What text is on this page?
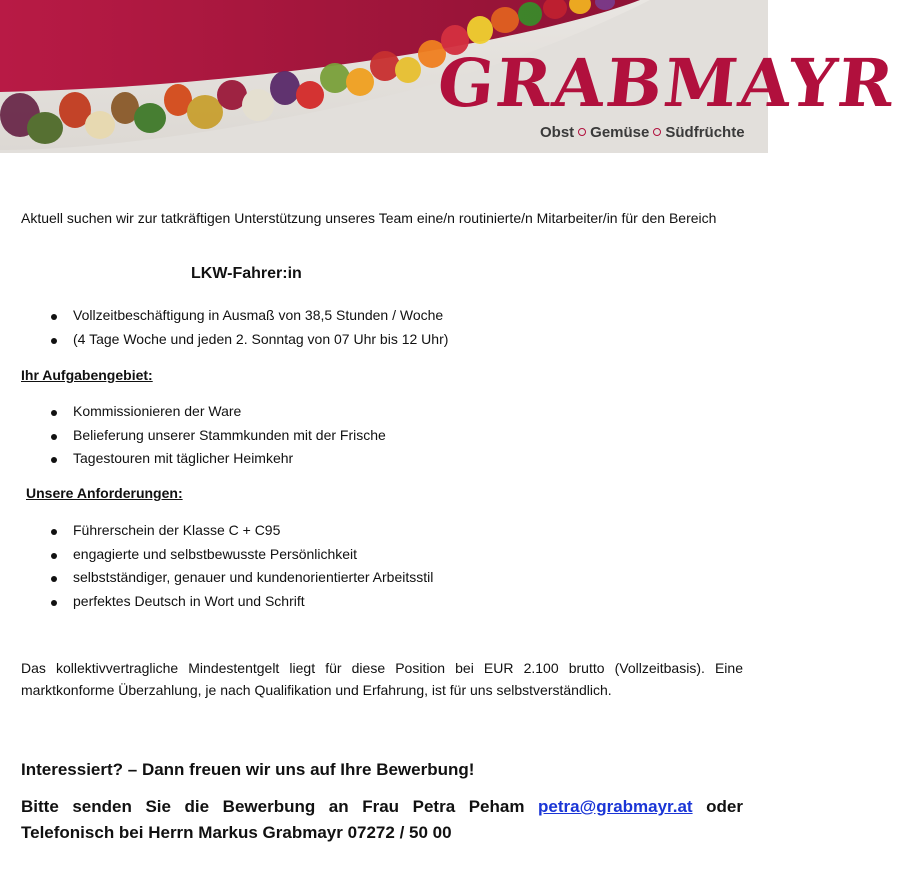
GRABMAYR
Obst Gemüse Südfrüchte
Aktuell suchen wir zur tatkräftigen Unterstützung unseres Team eine/n routinierte/n Mitarbeiter/in für den Bereich
LKW-Fahrer:in
Vollzeitbeschäftigung in Ausmaß von 38,5 Stunden / Woche
(4 Tage Woche und jeden 2. Sonntag von 07 Uhr bis 12 Uhr)
Ihr Aufgabengebiet:
Kommissionieren der Ware
Belieferung unserer Stammkunden mit der Frische
Tagestouren mit täglicher Heimkehr
Unsere Anforderungen:
Führerschein der Klasse C + C95
engagierte und selbstbewusste Persönlichkeit
selbstständiger, genauer und kundenorientierter Arbeitsstil
perfektes Deutsch in Wort und Schrift
Das kollektivvertragliche Mindestentgelt liegt für diese Position bei EUR 2.100 brutto (Vollzeitbasis). Eine marktkonforme Überzahlung, je nach Qualifikation und Erfahrung, ist für uns selbstverständlich.
Interessiert? – Dann freuen wir uns auf Ihre Bewerbung!
Bitte senden Sie die Bewerbung an Frau Petra Peham petra@grabmayr.at oder Telefonisch bei Herrn Markus Grabmayr 07272 / 50 00
